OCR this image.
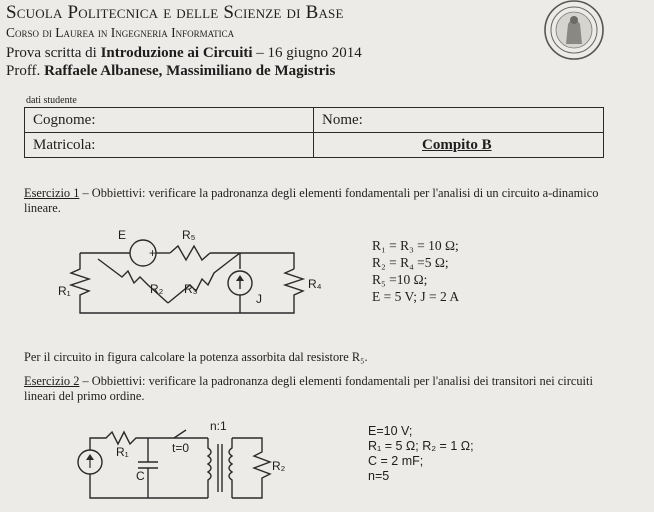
Scuola Politecnica e delle Scienze di Base
Corso di Laurea in Ingegneria Informatica
Prova scritta di Introduzione ai Circuiti – 16 giugno 2014
Proff. Raffaele Albanese, Massimiliano de Magistris
dati studente
Cognome:	Nome:
Matricola:	Compito B
Esercizio 1 – Obbiettivi: verificare la padronanza degli elementi fondamentali per l'analisi di un circuito a-dinamico lineare.
+
E	R₅
R₁	R₂ R₃	R₄
J
R₁ = R₃ = 10 Ω;
R₂ = R₄ =5 Ω;
R₅ =10 Ω;
E = 5 V; J = 2 A
Per il circuito in figura calcolare la potenza assorbita dal resistore R₅.
Esercizio 2 – Obbiettivi: verificare la padronanza degli elementi fondamentali per l'analisi dei transitori nei circuiti lineari del primo ordine.
R₁	t=0
n:1
C
R₂
E=10 V;
R₁ = 5 Ω; R₂ = 1 Ω;
C = 2 mF;
n=5
